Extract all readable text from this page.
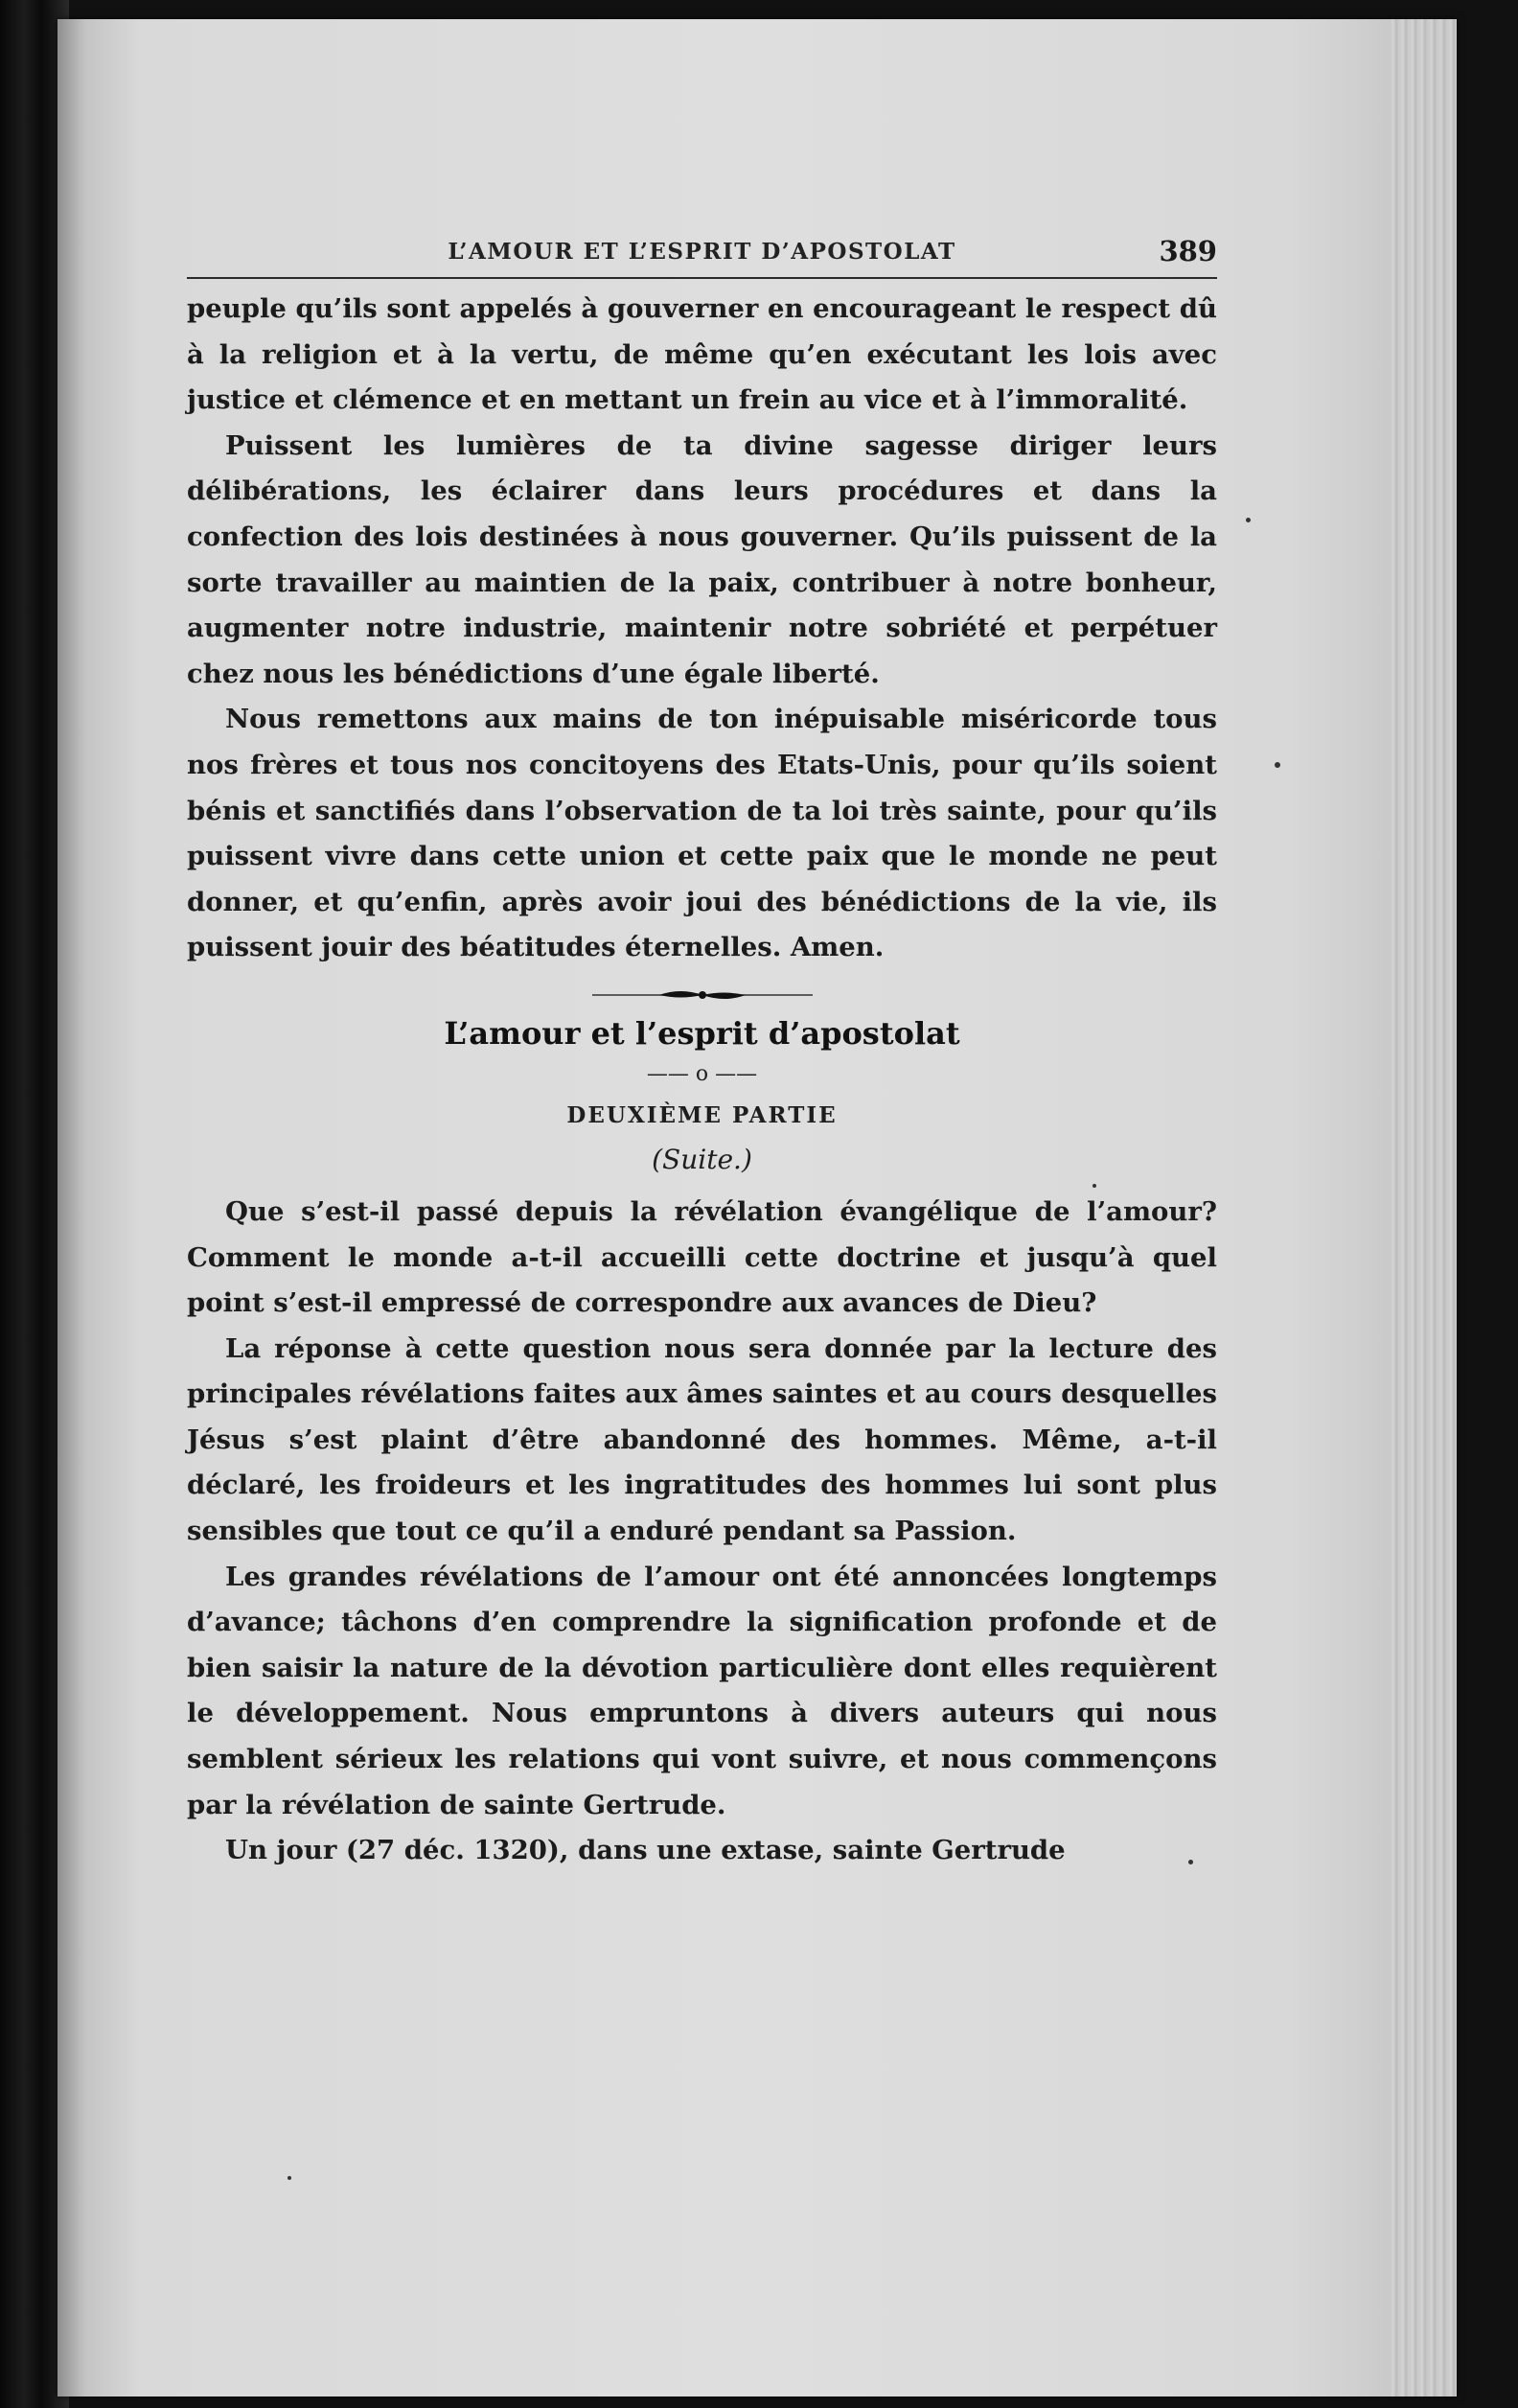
L’AMOUR ET L’ESPRIT D’APOSTOLAT	389

peuple qu’ils sont appelés à gouverner en encourageant le respect dû à la religion et à la vertu, de même qu’en exécutant les lois avec justice et clémence et en mettant un frein au vice et à l’immoralité.

Puissent les lumières de ta divine sagesse diriger leurs délibérations, les éclairer dans leurs procédures et dans la confection des lois destinées à nous gouverner. Qu’ils puissent de la sorte travailler au maintien de la paix, contribuer à notre bonheur, augmenter notre industrie, maintenir notre sobriété et perpétuer chez nous les bénédictions d’une égale liberté.

Nous remettons aux mains de ton inépuisable miséricorde tous nos frères et tous nos concitoyens des Etats-Unis, pour qu’ils soient bénis et sanctifiés dans l’observation de ta loi très sainte, pour qu’ils puissent vivre dans cette union et cette paix que le monde ne peut donner, et qu’enfin, après avoir joui des bénédictions de la vie, ils puissent jouir des béatitudes éternelles. Amen.

L’amour et l’esprit d’apostolat
—— o ——
DEUXIÈME PARTIE
(Suite.)

Que s’est-il passé depuis la révélation évangélique de l’amour? Comment le monde a-t-il accueilli cette doctrine et jusqu’à quel point s’est-il empressé de correspondre aux avances de Dieu?

La réponse à cette question nous sera donnée par la lecture des principales révélations faites aux âmes saintes et au cours desquelles Jésus s’est plaint d’être abandonné des hommes. Même, a-t-il déclaré, les froideurs et les ingratitudes des hommes lui sont plus sensibles que tout ce qu’il a enduré pendant sa Passion.

Les grandes révélations de l’amour ont été annoncées longtemps d’avance; tâchons d’en comprendre la signification profonde et de bien saisir la nature de la dévotion particulière dont elles requièrent le développement. Nous empruntons à divers auteurs qui nous semblent sérieux les relations qui vont suivre, et nous commençons par la révélation de sainte Gertrude.

Un jour (27 déc. 1320), dans une extase, sainte Gertrude
